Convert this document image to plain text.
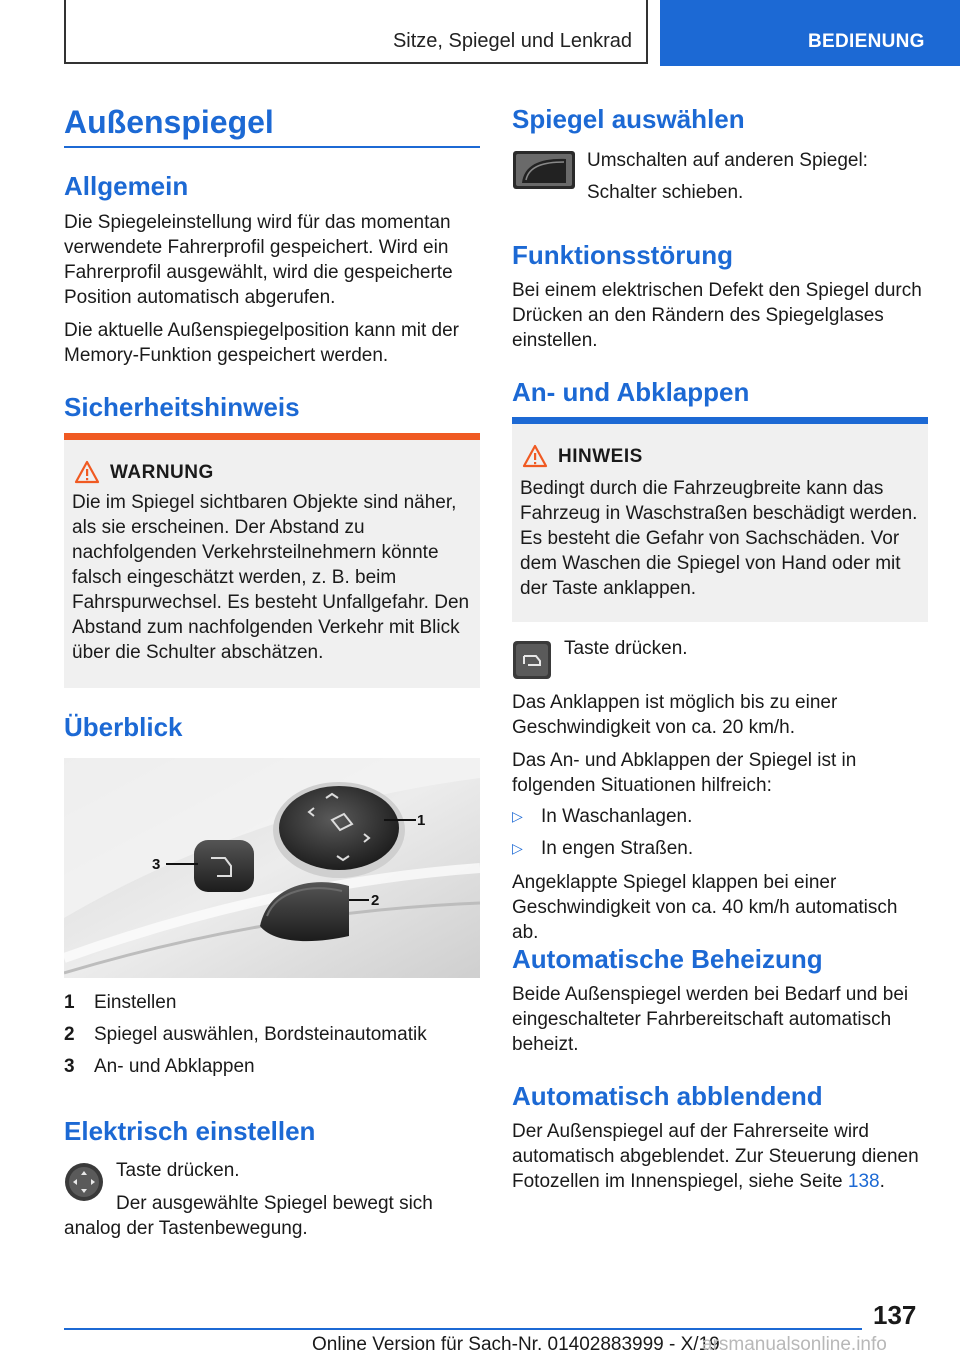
Sitze, Spiegel und Lenkrad	BEDIENUNG
Außenspiegel
Allgemein
Die Spiegeleinstellung wird für das momentan verwendete Fahrerprofil gespeichert. Wird ein Fahrerprofil ausgewählt, wird die gespeicherte Position automatisch abgerufen.
Die aktuelle Außenspiegelposition kann mit der Memory-Funktion gespeichert werden.
Sicherheitshinweis
WARNUNG
Die im Spiegel sichtbaren Objekte sind näher, als sie erscheinen. Der Abstand zu nachfolgenden Verkehrsteilnehmern könnte falsch eingeschätzt werden, z. B. beim Fahrspurwechsel. Es besteht Unfallgefahr. Den Abstand zum nachfolgenden Verkehr mit Blick über die Schulter abschätzen.
Überblick
1
2
3
1 Einstellen
2 Spiegel auswählen, Bordsteinautomatik
3 An- und Abklappen
Elektrisch einstellen
Taste drücken.
Der ausgewählte Spiegel bewegt sich analog der Tastenbewegung.
Spiegel auswählen
Umschalten auf anderen Spiegel:
Schalter schieben.
Funktionsstörung
Bei einem elektrischen Defekt den Spiegel durch Drücken an den Rändern des Spiegelglases einstellen.
An- und Abklappen
HINWEIS
Bedingt durch die Fahrzeugbreite kann das Fahrzeug in Waschstraßen beschädigt werden. Es besteht die Gefahr von Sachschäden. Vor dem Waschen die Spiegel von Hand oder mit der Taste anklappen.
Taste drücken.
Das Anklappen ist möglich bis zu einer Geschwindigkeit von ca. 20 km/h.
Das An- und Abklappen der Spiegel ist in folgenden Situationen hilfreich:
▷ In Waschanlagen.
▷ In engen Straßen.
Angeklappte Spiegel klappen bei einer Geschwindigkeit von ca. 40 km/h automatisch ab.
Automatische Beheizung
Beide Außenspiegel werden bei Bedarf und bei eingeschalteter Fahrbereitschaft automatisch beheizt.
Automatisch abblendend
Der Außenspiegel auf der Fahrerseite wird automatisch abgeblendet. Zur Steuerung dienen Fotozellen im Innenspiegel, siehe Seite 138.
137
Online Version für Sach-Nr. 01402883999 - X/19
arsmanualsonline.info
